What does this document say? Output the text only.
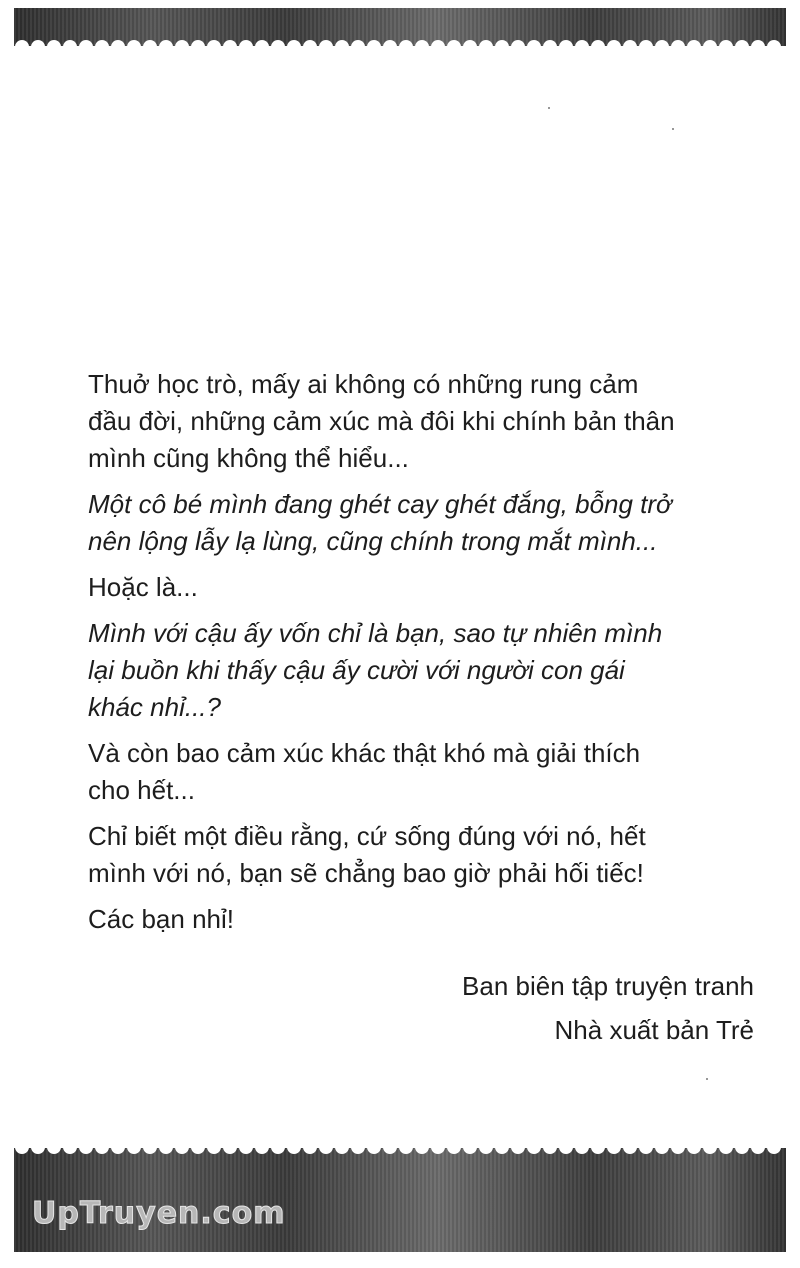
Thuở học trò, mấy ai không có những rung cảm
đầu đời, những cảm xúc mà đôi khi chính bản thân
mình cũng không thể hiểu...

Một cô bé mình đang ghét cay ghét đắng, bỗng trở
nên lộng lẫy lạ lùng, cũng chính trong mắt mình...

Hoặc là...

Mình với cậu ấy vốn chỉ là bạn, sao tự nhiên mình
lại buồn khi thấy cậu ấy cười với người con gái
khác nhỉ...?

Và còn bao cảm xúc khác thật khó mà giải thích
cho hết...

Chỉ biết một điều rằng, cứ sống đúng với nó, hết
mình với nó, bạn sẽ chẳng bao giờ phải hối tiếc!

Các bạn nhỉ!

Ban biên tập truyện tranh
Nhà xuất bản Trẻ
UpTruyen.com
